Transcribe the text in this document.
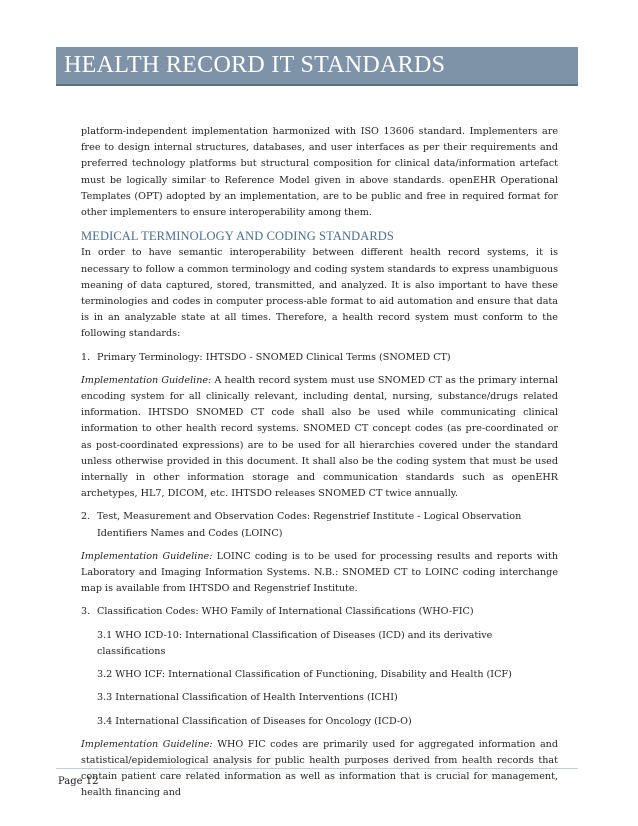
HEALTH RECORD IT STANDARDS

platform-independent implementation harmonized with ISO 13606 standard. Implementers are free to design internal structures, databases, and user interfaces as per their requirements and preferred technology platforms but structural composition for clinical data/information artefact must be logically similar to Reference Model given in above standards. openEHR Operational Templates (OPT) adopted by an implementation, are to be public and free in required format for other implementers to ensure interoperability among them.

MEDICAL TERMINOLOGY AND CODING STANDARDS

In order to have semantic interoperability between different health record systems, it is necessary to follow a common terminology and coding system standards to express unambiguous meaning of data captured, stored, transmitted, and analyzed. It is also important to have these terminologies and codes in computer process-able format to aid automation and ensure that data is in an analyzable state at all times. Therefore, a health record system must conform to the following standards:

1. Primary Terminology: IHTSDO - SNOMED Clinical Terms (SNOMED CT)

Implementation Guideline: A health record system must use SNOMED CT as the primary internal encoding system for all clinically relevant, including dental, nursing, substance/drugs related information. IHTSDO SNOMED CT code shall also be used while communicating clinical information to other health record systems. SNOMED CT concept codes (as pre-coordinated or as post-coordinated expressions) are to be used for all hierarchies covered under the standard unless otherwise provided in this document. It shall also be the coding system that must be used internally in other information storage and communication standards such as openEHR archetypes, HL7, DICOM, etc. IHTSDO releases SNOMED CT twice annually.

2. Test, Measurement and Observation Codes: Regenstrief Institute - Logical Observation Identifiers Names and Codes (LOINC)

Implementation Guideline: LOINC coding is to be used for processing results and reports with Laboratory and Imaging Information Systems. N.B.: SNOMED CT to LOINC coding interchange map is available from IHTSDO and Regenstrief Institute.

3. Classification Codes: WHO Family of International Classifications (WHO-FIC)
3.1 WHO ICD-10: International Classification of Diseases (ICD) and its derivative classifications
3.2 WHO ICF: International Classification of Functioning, Disability and Health (ICF)
3.3 International Classification of Health Interventions (ICHI)
3.4 International Classification of Diseases for Oncology (ICD-O)

Implementation Guideline: WHO FIC codes are primarily used for aggregated information and statistical/epidemiological analysis for public health purposes derived from health records that contain patient care related information as well as information that is crucial for management, health financing and

Page 12
